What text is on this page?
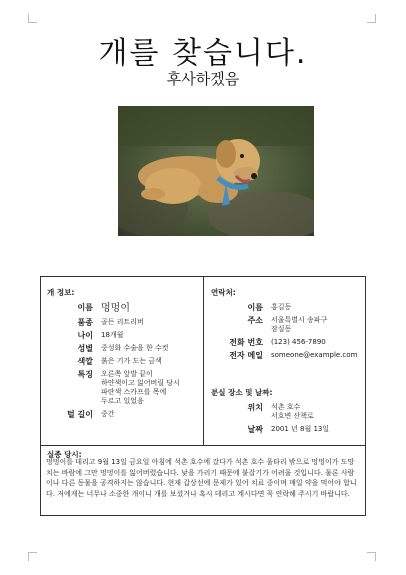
개를 찾습니다.
후사하겠음
개 정보:
이름 멍멍이
품종	골든 리트리버
나이	18개월
성별	중성화 수술을 한 수컷
색깔	붉은 기가 도는 금색
특징	오른쪽 앞발 끝이
하얀색이고 잃어버릴 당시
파란색 스카프를 목에
두르고 있었음
털 길이	중간
연락처:
이름	홍길동
주소	서울특별시 송파구
잠실동
전화 번호	(123) 456-7890
전자 메일	someone@example.com
분실 장소 및 날짜:
위치	석촌 호수
서호변 산책로
날짜	2001 년 8월 13일
실종 당시:
멍멍이를 데리고 9월 13일 금요일 아침에 석촌 호수에 갔다가 석촌 호수 울타리 밖으로 멍멍이가 도망치는 바람에 그만 멍멍이를 잃어버렸습니다. 낯을 가리기 때문에 붙잡기가 어려울 것입니다. 물론 사람이나 다른 동물을 공격하지는 않습니다. 현재 갑상선에 문제가 있어 치료 중이며 매일 약을 먹어야 합니다. 저에게는 너무나 소중한 개이니 개를 보셨거나 혹시 데리고 계시다면 꼭 연락해 주시기 바랍니다.
